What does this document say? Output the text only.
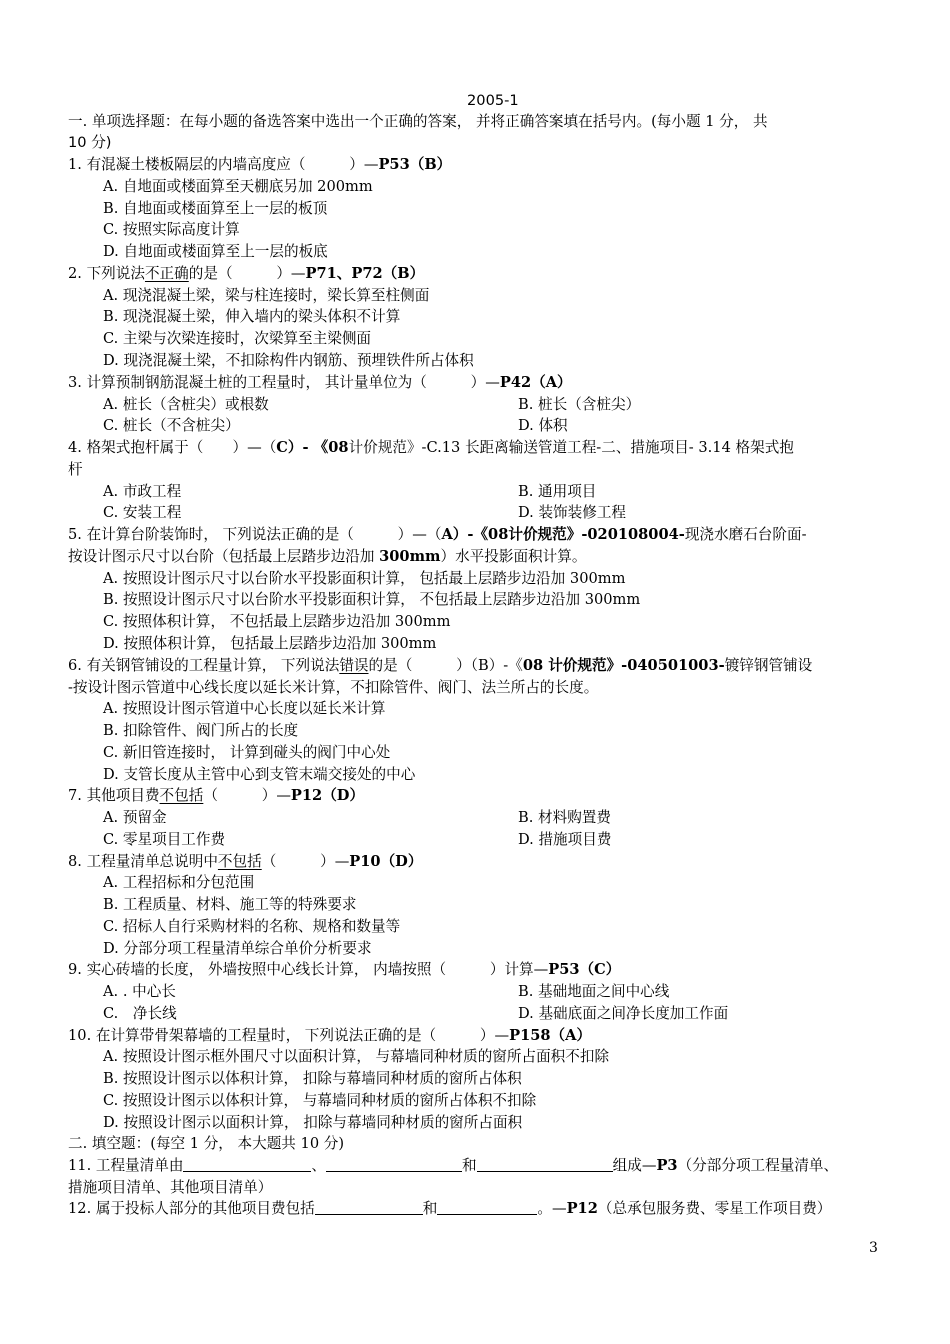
2005-1
一. 单项选择题：在每小题的备选答案中选出一个正确的答案， 并将正确答案填在括号内。(每小题 1 分， 共
10 分)
1. 有混凝土楼板隔层的内墙高度应（　　　）—P53（B）
A. 自地面或楼面算至天棚底另加 200mm
B. 自地面或楼面算至上一层的板顶
C. 按照实际高度计算
D. 自地面或楼面算至上一层的板底
2. 下列说法不正确的是（　　　）—P71、P72（B）
A. 现浇混凝土梁，梁与柱连接时，梁长算至柱侧面
B. 现浇混凝土梁，伸入墙内的梁头体积不计算
C. 主梁与次梁连接时，次梁算至主梁侧面
D. 现浇混凝土梁，不扣除构件内钢筋、预埋铁件所占体积
3. 计算预制钢筋混凝土桩的工程量时， 其计量单位为（　　　）—P42（A）
A. 桩长（含桩尖）或根数	B. 桩长（含桩尖）
C. 桩长（不含桩尖）	D. 体积
4. 格架式抱杆属于（　　）—（C）- 《08计价规范》-C.13 长距离输送管道工程-二、措施项目- 3.14 格架式抱
杆
A. 市政工程	B. 通用项目
C. 安装工程	D. 装饰装修工程
5. 在计算台阶装饰时， 下列说法正确的是（　　　）—（A）-《08计价规范》-020108004-现浇水磨石台阶面-
按设计图示尺寸以台阶（包括最上层踏步边沿加 300mm）水平投影面积计算。
A. 按照设计图示尺寸以台阶水平投影面积计算， 包括最上层踏步边沿加 300mm
B. 按照设计图示尺寸以台阶水平投影面积计算， 不包括最上层踏步边沿加 300mm
C. 按照体积计算， 不包括最上层踏步边沿加 300mm
D. 按照体积计算， 包括最上层踏步边沿加 300mm
6. 有关钢管铺设的工程量计算， 下列说法错误的是（　　　）（B）-《08 计价规范》-040501003-镀锌钢管铺设
-按设计图示管道中心线长度以延长米计算，不扣除管件、阀门、法兰所占的长度。
A. 按照设计图示管道中心长度以延长米计算
B. 扣除管件、阀门所占的长度
C. 新旧管连接时， 计算到碰头的阀门中心处
D. 支管长度从主管中心到支管末端交接处的中心
7. 其他项目费不包括（　　　）—P12（D）
A. 预留金	B. 材料购置费
C. 零星项目工作费	D. 措施项目费
8. 工程量清单总说明中不包括（　　　）—P10（D）
A. 工程招标和分包范围
B. 工程质量、材料、施工等的特殊要求
C. 招标人自行采购材料的名称、规格和数量等
D. 分部分项工程量清单综合单价分析要求
9. 实心砖墙的长度， 外墙按照中心线长计算， 内墙按照（　　　）计算—P53（C）
A. . 中心长	B. 基础地面之间中心线
C.　净长线	D. 基础底面之间净长度加工作面
10. 在计算带骨架幕墙的工程量时， 下列说法正确的是（　　　）—P158（A）
A. 按照设计图示框外围尺寸以面积计算， 与幕墙同种材质的窗所占面积不扣除
B. 按照设计图示以体积计算， 扣除与幕墙同种材质的窗所占体积
C. 按照设计图示以体积计算， 与幕墙同种材质的窗所占体积不扣除
D. 按照设计图示以面积计算， 扣除与幕墙同种材质的窗所占面积
二. 填空题：(每空 1 分， 本大题共 10 分)
11. 工程量清单由	、	和	组成—P3（分部分项工程量清单、
措施项目清单、其他项目清单）
12. 属于投标人部分的其他项目费包括	和	。—P12（总承包服务费、零星工作项目费）
3
